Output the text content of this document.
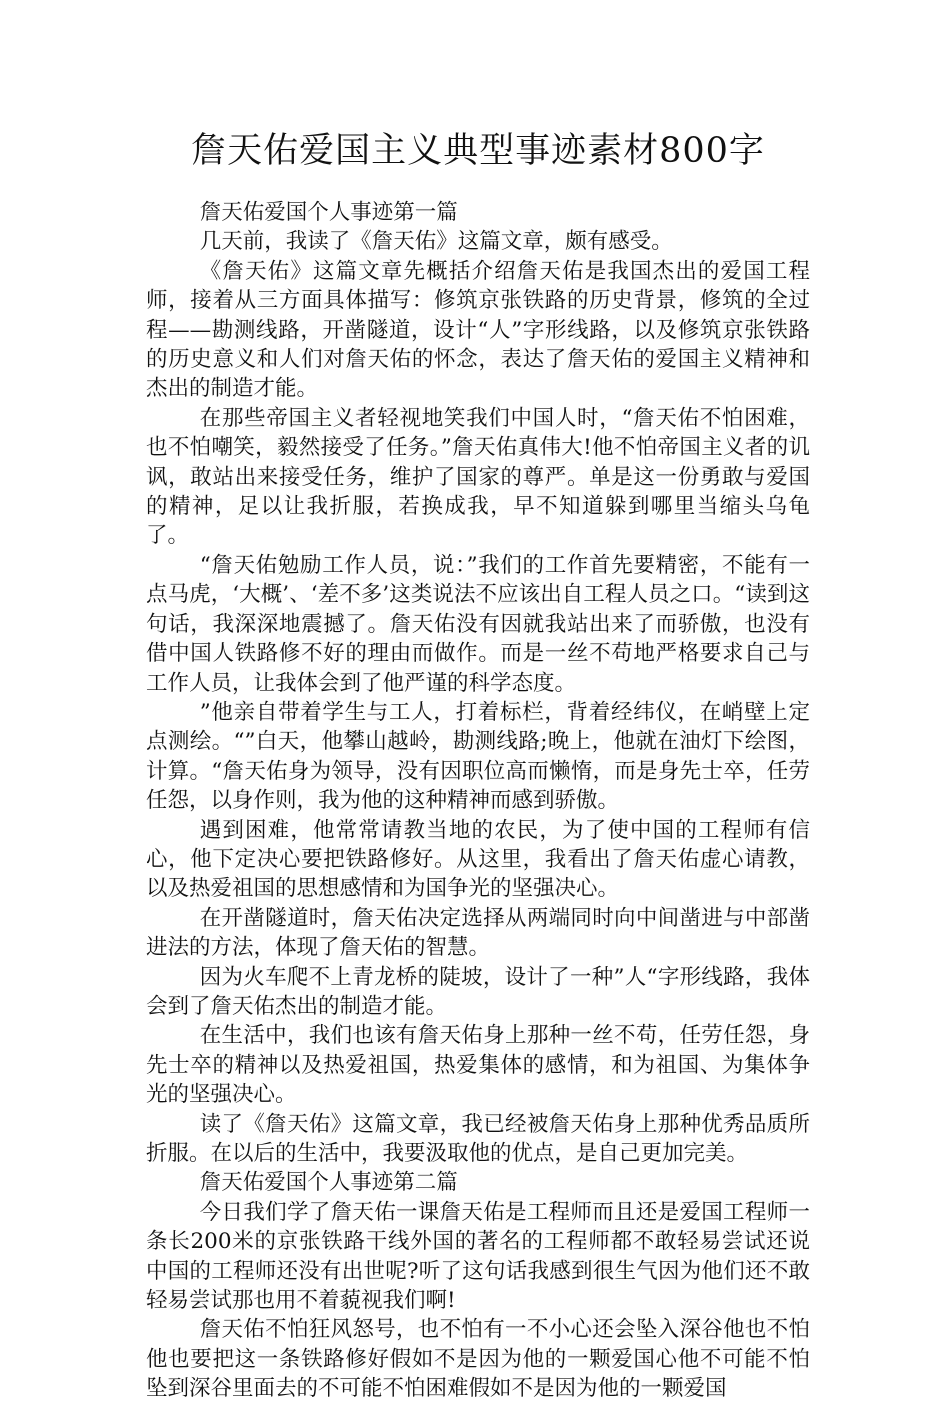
詹天佑爱国主义典型事迹素材800字

詹天佑爱国个人事迹第一篇

几天前，我读了《詹天佑》这篇文章，颇有感受。

《詹天佑》这篇文章先概括介绍詹天佑是我国杰出的爱国工程师，接着从三方面具体描写：修筑京张铁路的历史背景，修筑的全过程——勘测线路，开凿隧道，设计“人”字形线路，以及修筑京张铁路的历史意义和人们对詹天佑的怀念，表达了詹天佑的爱国主义精神和杰出的制造才能。

在那些帝国主义者轻视地笑我们中国人时，“詹天佑不怕困难，也不怕嘲笑，毅然接受了任务。”詹天佑真伟大!他不怕帝国主义者的讥讽，敢站出来接受任务，维护了国家的尊严。单是这一份勇敢与爱国的精神，足以让我折服，若换成我，早不知道躲到哪里当缩头乌龟了。

“詹天佑勉励工作人员，说：”我们的工作首先要精密，不能有一点马虎，‘大概’、‘差不多’这类说法不应该出自工程人员之口。“读到这句话，我深深地震撼了。詹天佑没有因就我站出来了而骄傲，也没有借中国人铁路修不好的理由而做作。而是一丝不苟地严格要求自己与工作人员，让我体会到了他严谨的科学态度。

”他亲自带着学生与工人，打着标栏，背着经纬仪，在峭壁上定点测绘。“”白天，他攀山越岭，勘测线路;晚上，他就在油灯下绘图，计算。“詹天佑身为领导，没有因职位高而懒惰，而是身先士卒，任劳任怨，以身作则，我为他的这种精神而感到骄傲。

遇到困难，他常常请教当地的农民，为了使中国的工程师有信心，他下定决心要把铁路修好。从这里，我看出了詹天佑虚心请教，以及热爱祖国的思想感情和为国争光的坚强决心。

在开凿隧道时，詹天佑决定选择从两端同时向中间凿进与中部凿进法的方法，体现了詹天佑的智慧。

因为火车爬不上青龙桥的陡坡，设计了一种”人“字形线路，我体会到了詹天佑杰出的制造才能。

在生活中，我们也该有詹天佑身上那种一丝不苟，任劳任怨，身先士卒的精神以及热爱祖国，热爱集体的感情，和为祖国、为集体争光的坚强决心。

读了《詹天佑》这篇文章，我已经被詹天佑身上那种优秀品质所折服。在以后的生活中，我要汲取他的优点，是自己更加完美。

詹天佑爱国个人事迹第二篇

今日我们学了詹天佑一课詹天佑是工程师而且还是爱国工程师一条长200米的京张铁路干线外国的著名的工程师都不敢轻易尝试还说中国的工程师还没有出世呢?听了这句话我感到很生气因为他们还不敢轻易尝试那也用不着藐视我们啊!

詹天佑不怕狂风怒号，也不怕有一不小心还会坠入深谷他也不怕他也要把这一条铁路修好假如不是因为他的一颗爱国心他不可能不怕坠到深谷里面去的不可能不怕困难假如不是因为他的一颗爱国
